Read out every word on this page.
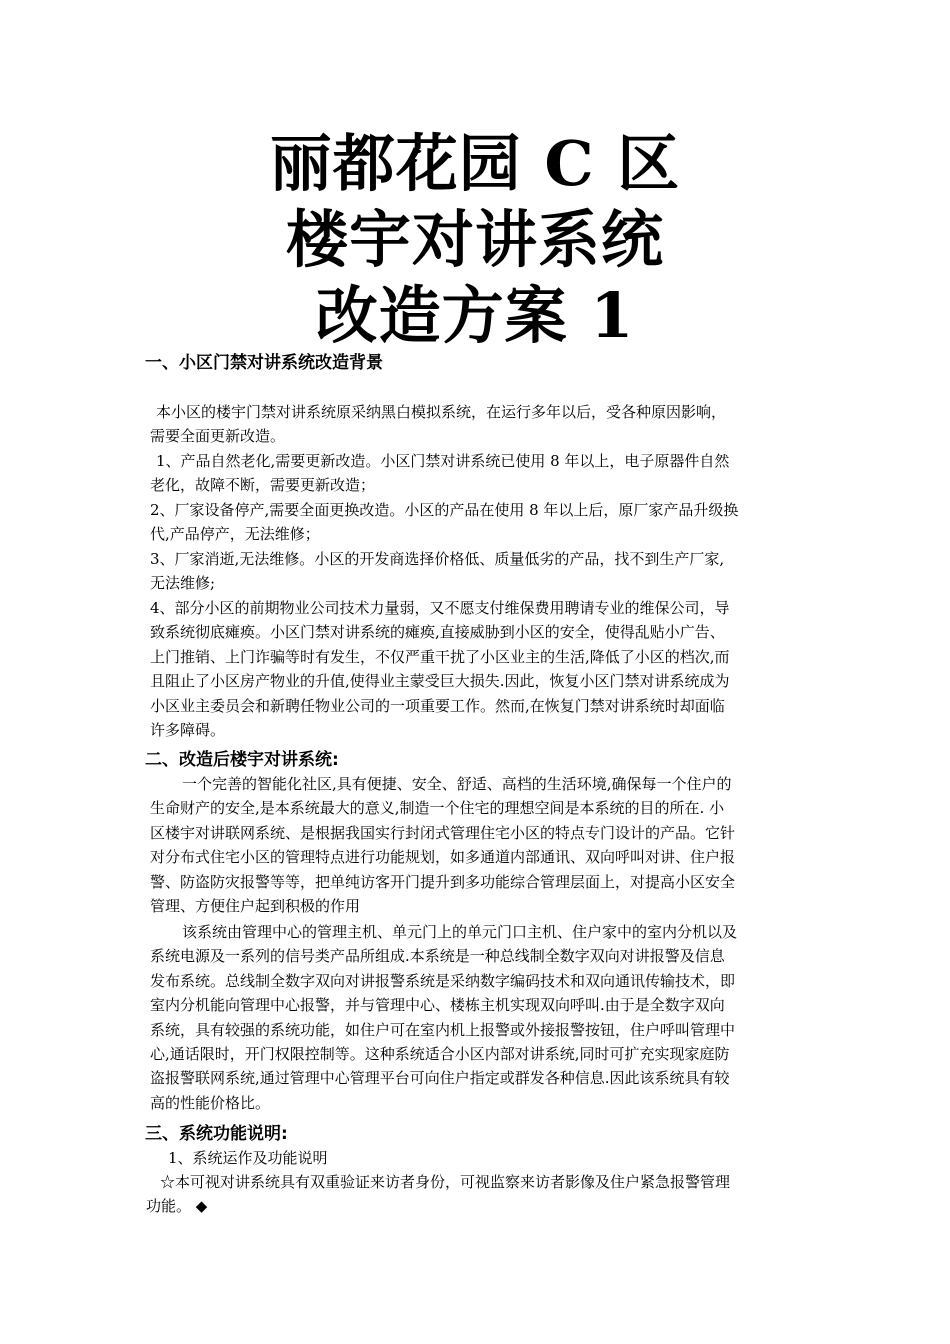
丽都花园 C 区
楼宇对讲系统
改造方案 1
一、小区门禁对讲系统改造背景
本小区的楼宇门禁对讲系统原采纳黑白模拟系统，在运行多年以后，受各种原因影响，
需要全面更新改造。
1、产品自然老化,需要更新改造。小区门禁对讲系统已使用 8 年以上，电子原器件自然
老化，故障不断，需要更新改造；
2、厂家设备停产,需要全面更换改造。小区的产品在使用 8 年以上后，原厂家产品升级换
代,产品停产，无法维修；
3、厂家消逝,无法维修。小区的开发商选择价格低、质量低劣的产品，找不到生产厂家,
无法维修;
4、部分小区的前期物业公司技术力量弱，又不愿支付维保费用聘请专业的维保公司，导
致系统彻底瘫痪。小区门禁对讲系统的瘫痪,直接威胁到小区的安全，使得乱贴小广告、
上门推销、上门诈骗等时有发生，不仅严重干扰了小区业主的生活,降低了小区的档次,而
且阻止了小区房产物业的升值,使得业主蒙受巨大损失.因此，恢复小区门禁对讲系统成为
小区业主委员会和新聘任物业公司的一项重要工作。然而,在恢复门禁对讲系统时却面临
许多障碍。
二、改造后楼宇对讲系统:
一个完善的智能化社区,具有便捷、安全、舒适、高档的生活环境,确保每一个住户的
生命财产的安全,是本系统最大的意义,制造一个住宅的理想空间是本系统的目的所在. 小
区楼宇对讲联网系统、是根据我国实行封闭式管理住宅小区的特点专门设计的产品。它针
对分布式住宅小区的管理特点进行功能规划，如多通道内部通讯、双向呼叫对讲、住户报
警、防盗防灾报警等等，把单纯访客开门提升到多功能综合管理层面上，对提高小区安全
管理、方便住户起到积极的作用
该系统由管理中心的管理主机、单元门上的单元门口主机、住户家中的室内分机以及
系统电源及一系列的信号类产品所组成.本系统是一种总线制全数字双向对讲报警及信息
发布系统。总线制全数字双向对讲报警系统是采纳数字编码技术和双向通讯传输技术，即
室内分机能向管理中心报警，并与管理中心、楼栋主机实现双向呼叫.由于是全数字双向
系统，具有较强的系统功能，如住户可在室内机上报警或外接报警按钮，住户呼叫管理中
心,通话限时，开门权限控制等。这种系统适合小区内部对讲系统,同时可扩充实现家庭防
盗报警联网系统,通过管理中心管理平台可向住户指定或群发各种信息.因此该系统具有较
高的性能价格比。
三、系统功能说明:
1、系统运作及功能说明
☆本可视对讲系统具有双重验证来访者身份，可视监察来访者影像及住户紧急报警管理
功能。 ◆
